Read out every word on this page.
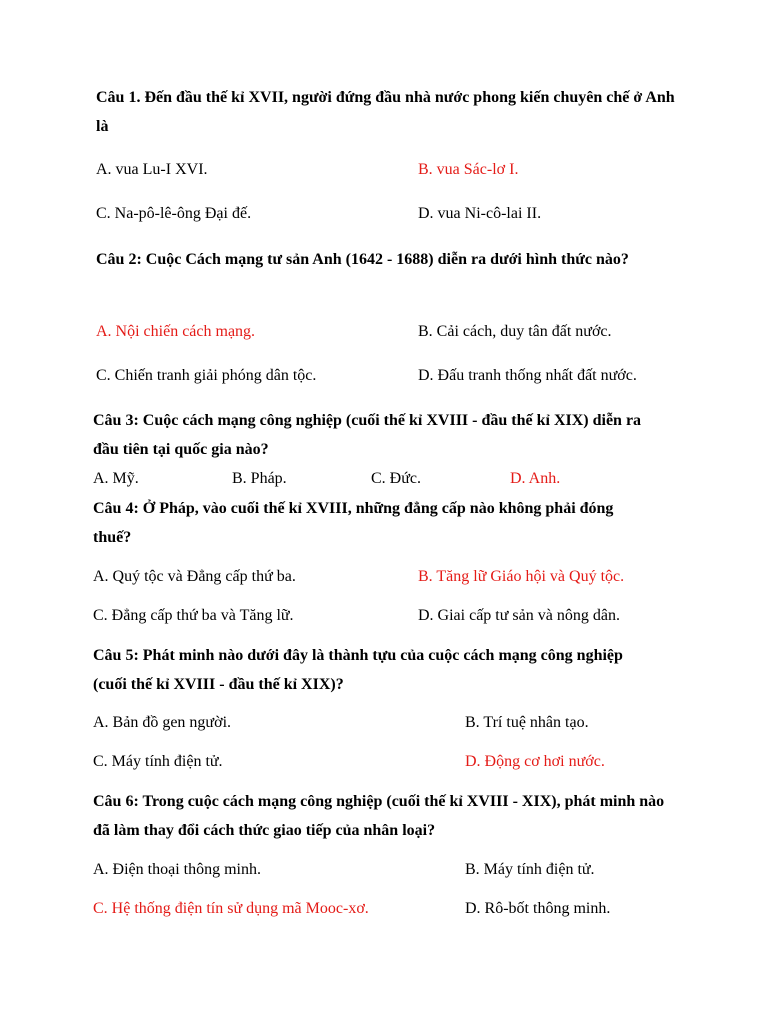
Câu 1. Đến đầu thế kỉ XVII, người đứng đầu nhà nước phong kiến chuyên chế ở Anh là

A. vua Lu-I XVI.	B. vua Sác-lơ I.
C. Na-pô-lê-ông Đại đế.	D. vua Ni-cô-lai II.

Câu 2: Cuộc Cách mạng tư sản Anh (1642 - 1688) diễn ra dưới hình thức nào?

A. Nội chiến cách mạng.	B. Cải cách, duy tân đất nước.
C. Chiến tranh giải phóng dân tộc.	D. Đấu tranh thống nhất đất nước.

Câu 3: Cuộc cách mạng công nghiệp (cuối thế kỉ XVIII - đầu thế kỉ XIX) diễn ra đầu tiên tại quốc gia nào?

A. Mỹ.	B. Pháp.	C. Đức.	D. Anh.

Câu 4: Ở Pháp, vào cuối thế kỉ XVIII, những đẳng cấp nào không phải đóng thuế?

A. Quý tộc và Đẳng cấp thứ ba.	B. Tăng lữ Giáo hội và Quý tộc.
C. Đẳng cấp thứ ba và Tăng lữ.	D. Giai cấp tư sản và nông dân.

Câu 5: Phát minh nào dưới đây là thành tựu của cuộc cách mạng công nghiệp (cuối thế kỉ XVIII - đầu thế kỉ XIX)?

A. Bản đồ gen người.	B. Trí tuệ nhân tạo.
C. Máy tính điện tử.	D. Động cơ hơi nước.

Câu 6: Trong cuộc cách mạng công nghiệp (cuối thế kỉ XVIII - XIX), phát minh nào đã làm thay đổi cách thức giao tiếp của nhân loại?

A. Điện thoại thông minh.	B. Máy tính điện tử.
C. Hệ thống điện tín sử dụng mã Mooc-xơ.	D. Rô-bốt thông minh.
